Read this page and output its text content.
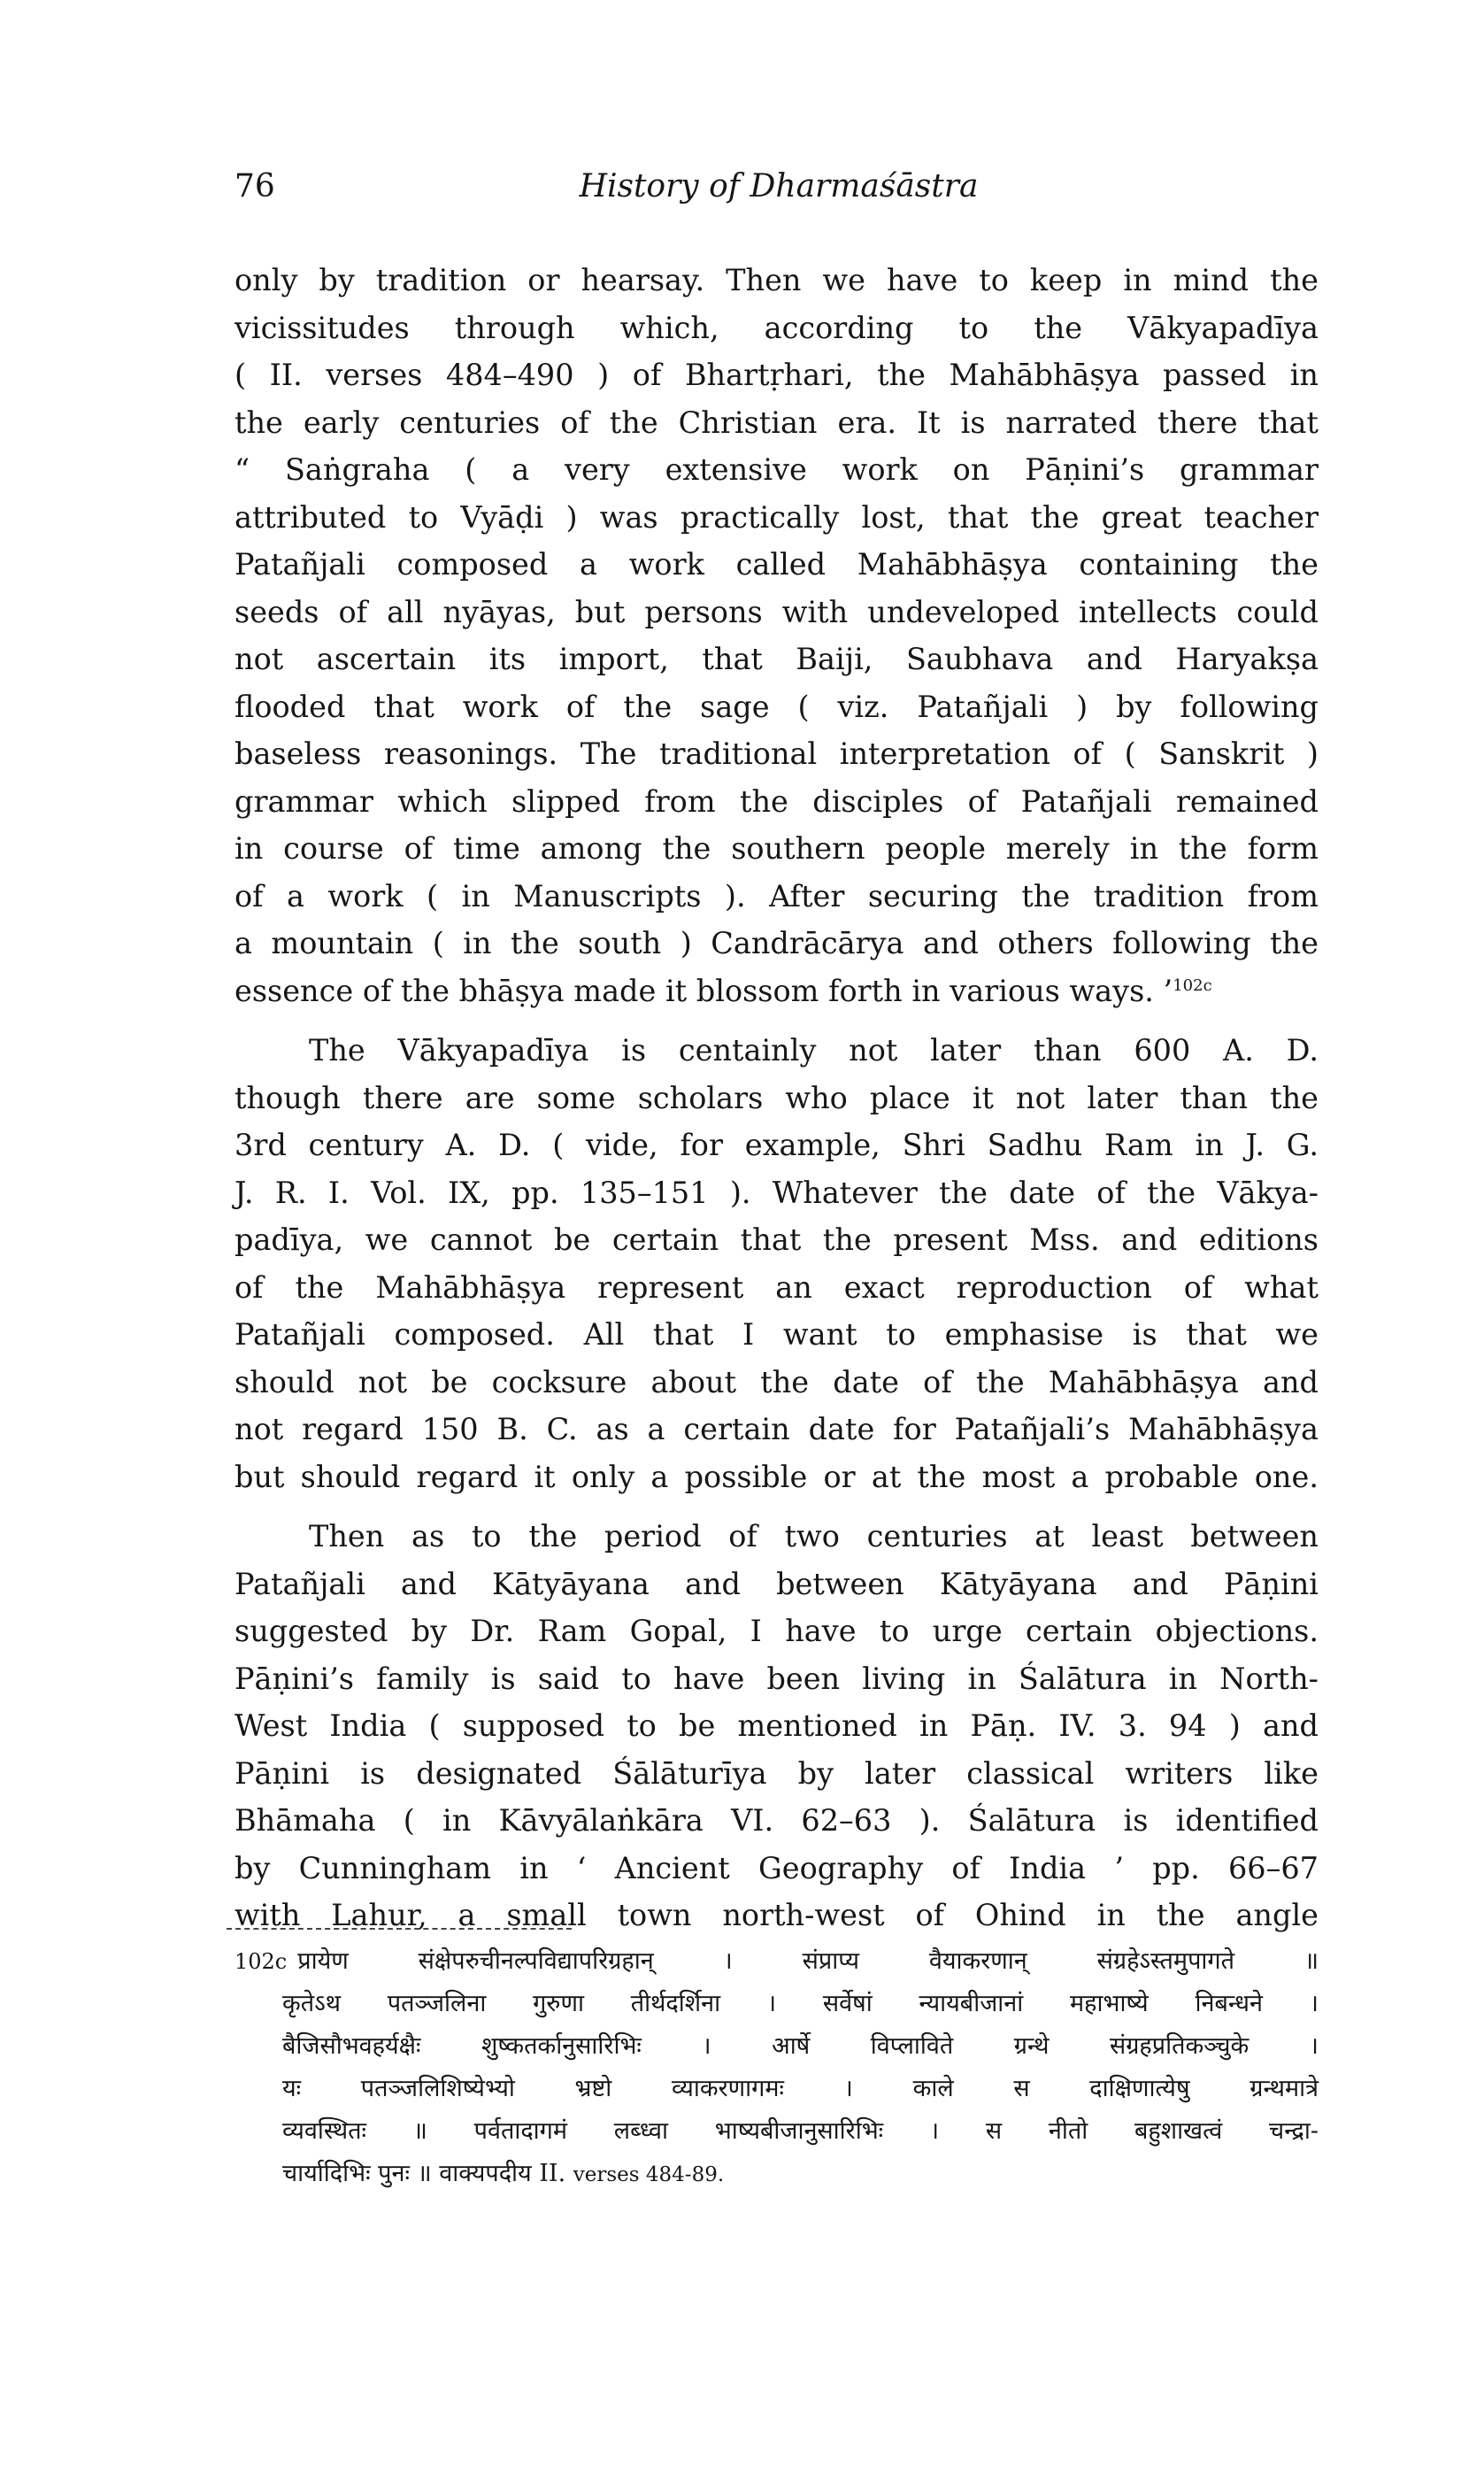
76	History of Dharmaśāstra

only by tradition or hearsay. Then we have to keep in mind the
vicissitudes through which, according to the Vākyapadīya
( II. verses 484–490 ) of Bhartṛhari, the Mahābhāṣya passed in
the early centuries of the Christian era. It is narrated there that
“ Saṅgraha ( a very extensive work on Pāṇini’s grammar
attributed to Vyāḍi ) was practically lost, that the great teacher
Patañjali composed a work called Mahābhāṣya containing the
seeds of all nyāyas, but persons with undeveloped intellects could
not ascertain its import, that Baiji, Saubhava and Haryakṣa
flooded that work of the sage ( viz. Patañjali ) by following
baseless reasonings. The traditional interpretation of ( Sanskrit )
grammar which slipped from the disciples of Patañjali remained
in course of time among the southern people merely in the form
of a work ( in Manuscripts ). After securing the tradition from
a mountain ( in the south ) Candrācārya and others following the
essence of the bhāṣya made it blossom forth in various ways. ’$^{102c}$

The Vākyapadīya is centainly not later than 600 A. D.
though there are some scholars who place it not later than the
3rd century A. D. ( vide, for example, Shri Sadhu Ram in J. G.
J. R. I. Vol. IX, pp. 135–151 ). Whatever the date of the Vākya-
padīya, we cannot be certain that the present Mss. and editions
of the Mahābhāṣya represent an exact reproduction of what
Patañjali composed. All that I want to emphasise is that we
should not be cocksure about the date of the Mahābhāṣya and
not regard 150 B. C. as a certain date for Patañjali’s Mahābhāṣya
but should regard it only a possible or at the most a probable one.

Then as to the period of two centuries at least between
Patañjali and Kātyāyana and between Kātyāyana and Pāṇini
suggested by Dr. Ram Gopal, I have to urge certain objections.
Pāṇini’s family is said to have been living in Śalātura in North-
West India ( supposed to be mentioned in Pāṇ. IV. 3. 94 ) and
Pāṇini is designated Śālāturīya by later classical writers like
Bhāmaha ( in Kāvyālaṅkāra VI. 62–63 ). Śalātura is identified
by Cunningham in ‘ Ancient Geography of India ’ pp. 66–67
with Lahur, a small town north-west of Ohind in the angle

102c प्रायेण संक्षेपरुचीनल्पविद्यापरिग्रहान् । संप्राप्य वैयाकरणान् संग्रहेऽस्तमुपागते ॥
कृतेऽथ पतञ्जलिना गुरुणा तीर्थदर्शिना । सर्वेषां न्यायबीजानां महाभाष्ये निबन्धने ।
बैजिसौभवहर्यक्षैः शुष्कतर्कानुसारिभिः । आर्षे विप्लाविते ग्रन्थे संग्रहप्रतिकञ्चुके ।
यः पतञ्जलिशिष्येभ्यो भ्रष्टो व्याकरणागमः । काले स दाक्षिणात्येषु ग्रन्थमात्रे
व्यवस्थितः ॥ पर्वतादागमं लब्ध्वा भाष्यबीजानुसारिभिः । स नीतो बहुशाखत्वं चन्द्रा-
चार्यादिभिः पुनः ॥ वाक्यपदीय II. verses 484-89.
